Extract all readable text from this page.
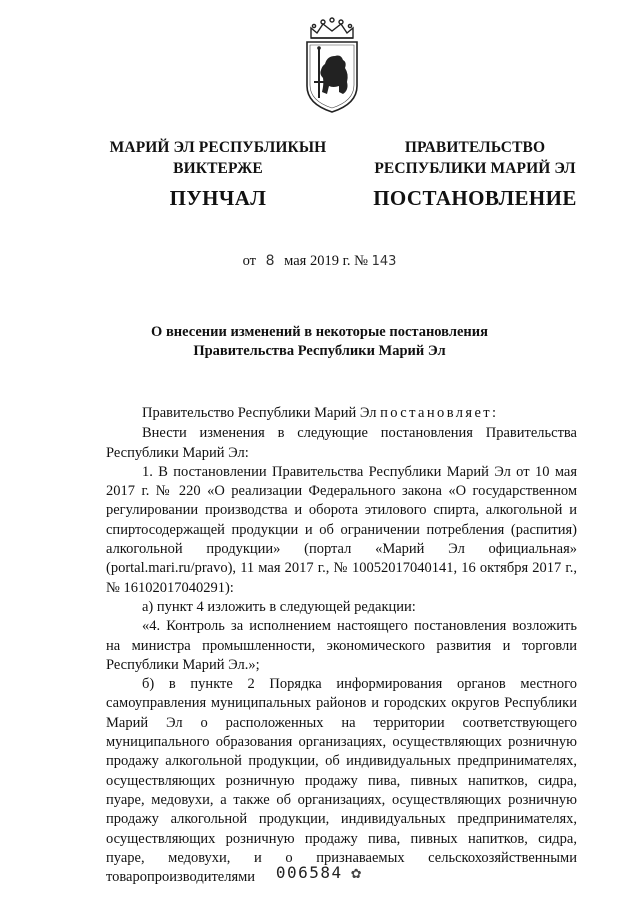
МАРИЙ ЭЛ РЕСПУБЛИКЫН
ВИКТЕРЖЕ
ПУНЧАЛ
ПРАВИТЕЛЬСТВО
РЕСПУБЛИКИ МАРИЙ ЭЛ
ПОСТАНОВЛЕНИЕ
от 8 мая 2019 г. № 143
О внесении изменений в некоторые постановления
Правительства Республики Марий Эл

Правительство Республики Марий Эл постановляет:

Внести изменения в следующие постановления Правительства Республики Марий Эл:

1. В постановлении Правительства Республики Марий Эл от 10 мая 2017 г. № 220 «О реализации Федерального закона «О государственном регулировании производства и оборота этилового спирта, алкогольной и спиртосодержащей продукции и об ограничении потребления (распития) алкогольной продукции» (портал «Марий Эл официальная» (portal.mari.ru/pravo), 11 мая 2017 г., № 10052017040141, 16 октября 2017 г., № 16102017040291):

а) пункт 4 изложить в следующей редакции:

«4. Контроль за исполнением настоящего постановления возложить на министра промышленности, экономического развития и торговли Республики Марий Эл.»;

б) в пункте 2 Порядка информирования органов местного самоуправления муниципальных районов и городских округов Республики Марий Эл о расположенных на территории соответствующего муниципального образования организациях, осуществляющих розничную продажу алкогольной продукции, об индивидуальных предпринимателях, осуществляющих розничную продажу пива, пивных напитков, сидра, пуаре, медовухи, а также об организациях, осуществляющих розничную продажу алкогольной продукции, индивидуальных предпринимателях, осуществляющих розничную продажу пива, пивных напитков, сидра, пуаре, медовухи, и о признаваемых сельскохозяйственными товаропроизводителями	006584 ✿
